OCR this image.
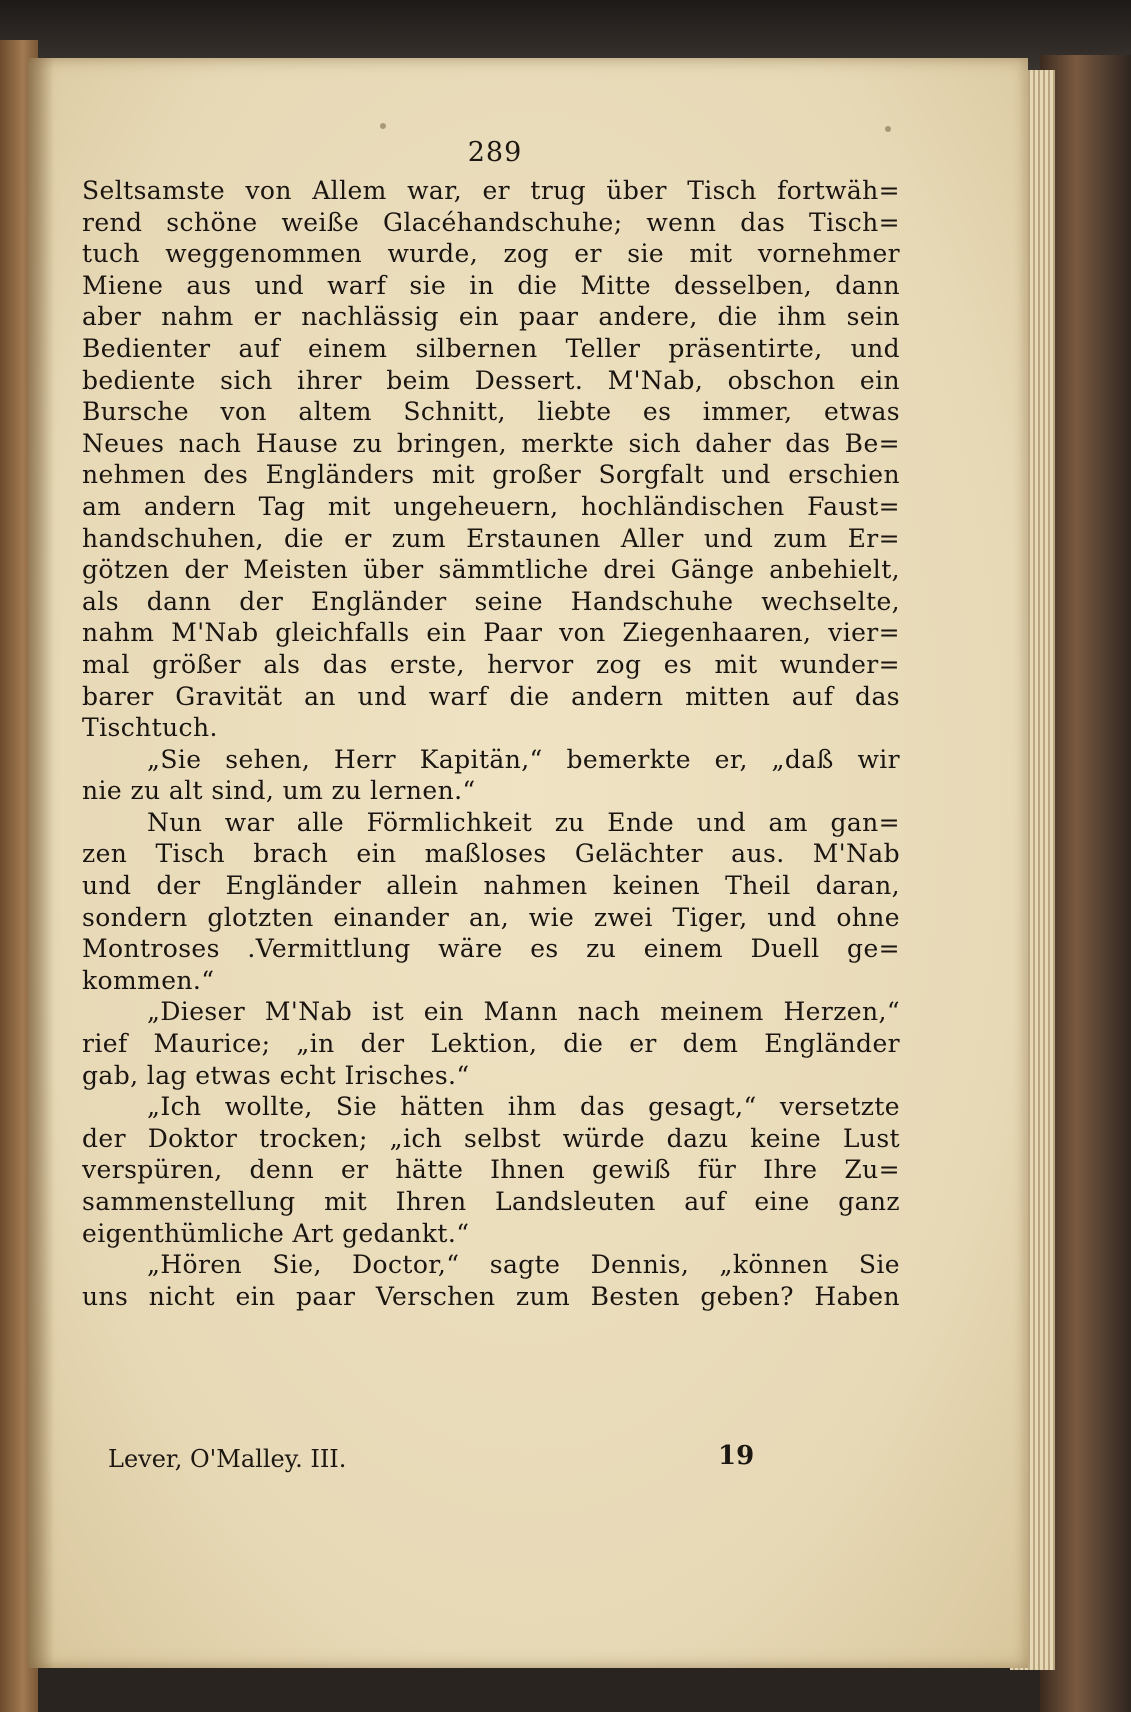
289
Seltsamste von Allem war, er trug über Tisch fortwäh=
rend schöne weiße Glacéhandschuhe; wenn das Tisch=
tuch weggenommen wurde, zog er sie mit vornehmer
Miene aus und warf sie in die Mitte desselben, dann
aber nahm er nachlässig ein paar andere, die ihm sein
Bedienter auf einem silbernen Teller präsentirte, und
bediente sich ihrer beim Dessert. M'Nab, obschon ein
Bursche von altem Schnitt, liebte es immer, etwas
Neues nach Hause zu bringen, merkte sich daher das Be=
nehmen des Engländers mit großer Sorgfalt und erschien
am andern Tag mit ungeheuern, hochländischen Faust=
handschuhen, die er zum Erstaunen Aller und zum Er=
götzen der Meisten über sämmtliche drei Gänge anbehielt,
als dann der Engländer seine Handschuhe wechselte,
nahm M'Nab gleichfalls ein Paar von Ziegenhaaren, vier=
mal größer als das erste, hervor zog es mit wunder=
barer Gravität an und warf die andern mitten auf das
Tischtuch.
„Sie sehen, Herr Kapitän,“ bemerkte er, „daß wir
nie zu alt sind, um zu lernen.“
Nun war alle Förmlichkeit zu Ende und am gan=
zen Tisch brach ein maßloses Gelächter aus. M'Nab
und der Engländer allein nahmen keinen Theil daran,
sondern glotzten einander an, wie zwei Tiger, und ohne
Montroses .Vermittlung wäre es zu einem Duell ge=
kommen.“
„Dieser M'Nab ist ein Mann nach meinem Herzen,“
rief Maurice; „in der Lektion, die er dem Engländer
gab, lag etwas echt Irisches.“
„Ich wollte, Sie hätten ihm das gesagt,“ versetzte
der Doktor trocken; „ich selbst würde dazu keine Lust
verspüren, denn er hätte Ihnen gewiß für Ihre Zu=
sammenstellung mit Ihren Landsleuten auf eine ganz
eigenthümliche Art gedankt.“
„Hören Sie, Doctor,“ sagte Dennis, „können Sie
uns nicht ein paar Verschen zum Besten geben? Haben
Lever, O'Malley. III.	19
